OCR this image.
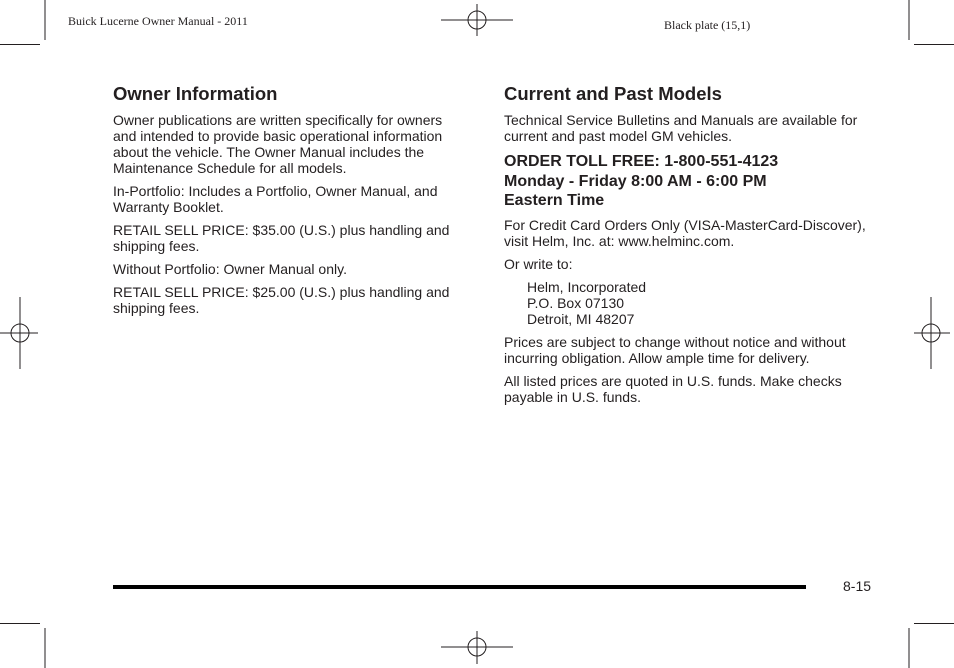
Buick Lucerne Owner Manual - 2011	Black plate (15,1)
Owner Information

Owner publications are written specifically for owners and intended to provide basic operational information about the vehicle. The Owner Manual includes the Maintenance Schedule for all models.

In-Portfolio: Includes a Portfolio, Owner Manual, and Warranty Booklet.

RETAIL SELL PRICE: $35.00 (U.S.) plus handling and shipping fees.

Without Portfolio: Owner Manual only.

RETAIL SELL PRICE: $25.00 (U.S.) plus handling and shipping fees.

Current and Past Models

Technical Service Bulletins and Manuals are available for current and past model GM vehicles.

ORDER TOLL FREE: 1-800-551-4123
Monday - Friday 8:00 AM - 6:00 PM
Eastern Time

For Credit Card Orders Only (VISA-MasterCard-Discover), visit Helm, Inc. at: www.helminc.com.

Or write to:

Helm, Incorporated
P.O. Box 07130
Detroit, MI 48207

Prices are subject to change without notice and without incurring obligation. Allow ample time for delivery.

All listed prices are quoted in U.S. funds. Make checks payable in U.S. funds.

8-15
